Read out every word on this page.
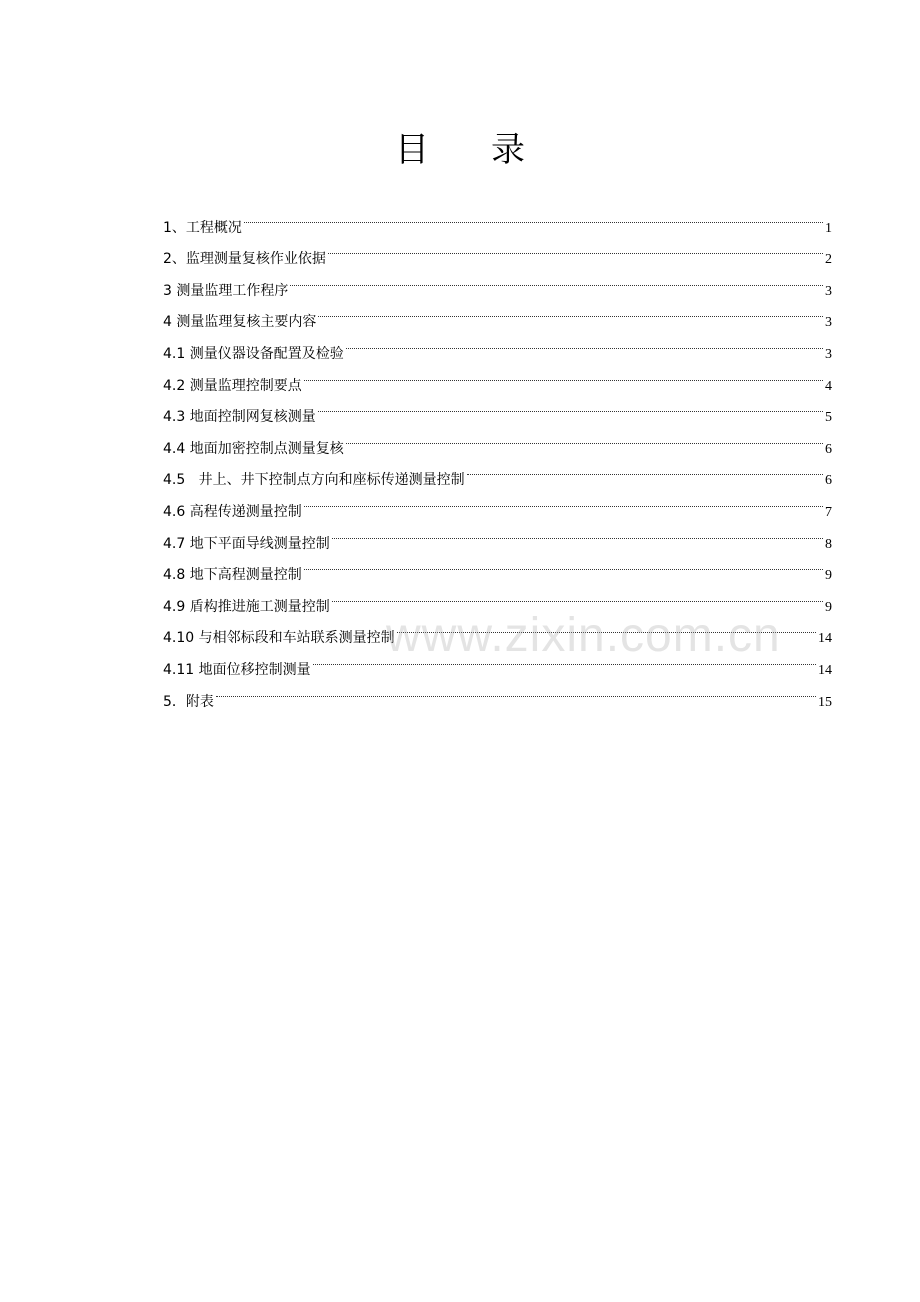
目 录
1、工程概况	1
2、监理测量复核作业依据	2
3 测量监理工作程序	3
4 测量监理复核主要内容	3
4.1 测量仪器设备配置及检验	3
4.2 测量监理控制要点	4
4.3 地面控制网复核测量	5
4.4 地面加密控制点测量复核	6
4.5   井上、井下控制点方向和座标传递测量控制	6
4.6 高程传递测量控制	7
4.7 地下平面导线测量控制	8
4.8 地下高程测量控制	9
4.9 盾构推进施工测量控制	9
4.10 与相邻标段和车站联系测量控制	14
4.11 地面位移控制测量	14
5．附表	15
www.zixin.com.cn
